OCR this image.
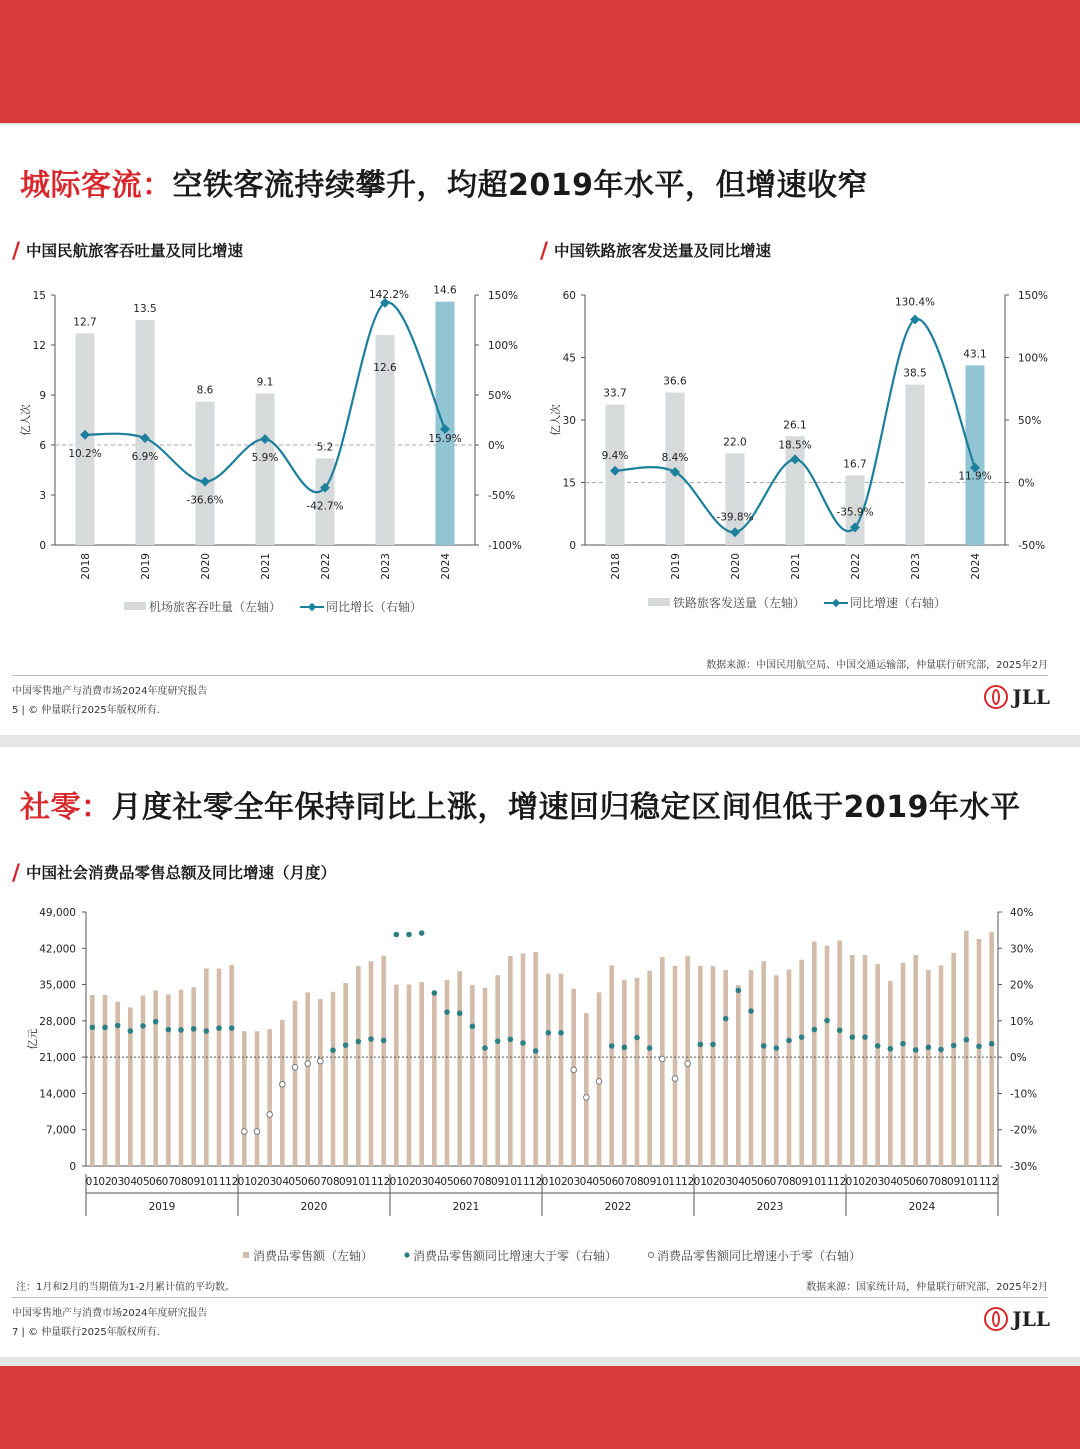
城际客流：空铁客流持续攀升，均超2019年水平，但增速收窄
/ 中国民航旅客吞吐量及同比增速	/ 中国铁路旅客发送量及同比增速
0
3
6
9
12
15
-100%
-50%
0%
50%
100%
150%
亿人次
2018	2019	2020	2021	2022	2023	2024
12.7
13.5
8.6
9.1
5.2
12.6
14.6
10.2%	6.9%
-36.6%
5.9%
-42.7%
142.2%
15.9%
机场旅客吞吐量（左轴）	同比增长（右轴）
0
15
30
45
60
-50%
0%
50%
100%
150%
亿人次
2018	2019	2020	2021	2022	2023	2024
33.7
36.6
22.0
26.1
16.7
38.5
43.1
9.4%	8.4%
-39.8%
18.5%
-35.9%
130.4%
11.9%
铁路旅客发送量（左轴）	同比增速（右轴）
数据来源：中国民用航空局、中国交通运输部，仲量联行研究部，2025年2月
中国零售地产与消费市场2024年度研究报告
5 | © 仲量联行2025年版权所有.
JLL
社零：月度社零全年保持同比上涨，增速回归稳定区间但低于2019年水平
/ 中国社会消费品零售总额及同比增速（月度）
0
7,000
14,000
21,000
28,000
35,000
42,000
49,000
-30%
-20%
-10%
0%
10%
20%
30%
40%
亿元
01 02 03 04 05 06 07 08 09 10 11 12 01 02 03 04 05 06 07 08 09 10 11 12 01 02 03 04 05 06 07 08 09 10 11 12 01 02 03 04 05 06 07 08 09 10 11 12 01 02 03 04 05 06 07 08 09 10 11 12 01 02 03 04 05 06 07 08 09 10 11 12
2019	2020	2021	2022	2023	2024
消费品零售额（左轴）	消费品零售额同比增速大于零（右轴）	消费品零售额同比增速小于零（右轴）
注：1月和2月的当期值为1-2月累计值的平均数。	数据来源：国家统计局，仲量联行研究部，2025年2月
中国零售地产与消费市场2024年度研究报告
7 | © 仲量联行2025年版权所有.
JLL
